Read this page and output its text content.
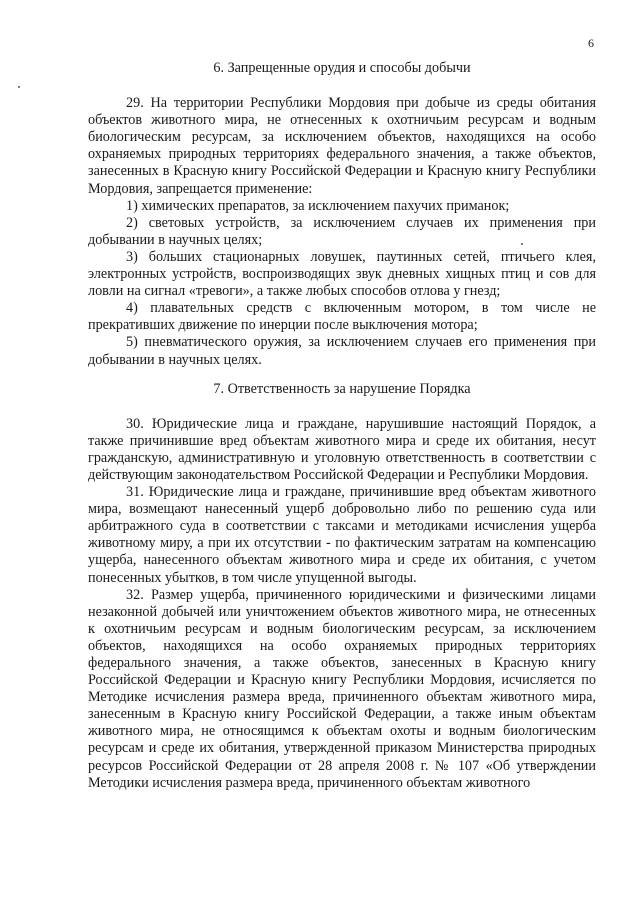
6

6. Запрещенные орудия и способы добычи

29. На территории Республики Мордовия при добыче из среды обитания объектов животного мира, не отнесенных к охотничьим ресурсам и водным биологическим ресурсам, за исключением объектов, находящихся на особо охраняемых природных территориях федерального значения, а также объектов, занесенных в Красную книгу Российской Федерации и Красную книгу Республики Мордовия, запрещается применение:

1) химических препаратов, за исключением пахучих приманок;

2) световых устройств, за исключением случаев их применения при добывании в научных целях;

3) больших стационарных ловушек, паутинных сетей, птичьего клея, электронных устройств, воспроизводящих звук дневных хищных птиц и сов для ловли на сигнал «тревоги», а также любых способов отлова у гнезд;

4) плавательных средств с включенным мотором, в том числе не прекративших движение по инерции после выключения мотора;

5) пневматического оружия, за исключением случаев его применения при добывании в научных целях.

7. Ответственность за нарушение Порядка

30. Юридические лица и граждане, нарушившие настоящий Порядок, а также причинившие вред объектам животного мира и среде их обитания, несут гражданскую, административную и уголовную ответственность в соответствии с действующим законодательством Российской Федерации и Республики Мордовия.

31. Юридические лица и граждане, причинившие вред объектам животного мира, возмещают нанесенный ущерб добровольно либо по решению суда или арбитражного суда в соответствии с таксами и методиками исчисления ущерба животному миру, а при их отсутствии - по фактическим затратам на компенсацию ущерба, нанесенного объектам животного мира и среде их обитания, с учетом понесенных убытков, в том числе упущенной выгоды.

32. Размер ущерба, причиненного юридическими и физическими лицами незаконной добычей или уничтожением объектов животного мира, не отнесенных к охотничьим ресурсам и водным биологическим ресурсам, за исключением объектов, находящихся на особо охраняемых природных территориях федерального значения, а также объектов, занесенных в Красную книгу Российской Федерации и Красную книгу Республики Мордовия, исчисляется по Методике исчисления размера вреда, причиненного объектам животного мира, занесенным в Красную книгу Российской Федерации, а также иным объектам животного мира, не относящимся к объектам охоты и водным биологическим ресурсам и среде их обитания, утвержденной приказом Министерства природных ресурсов Российской Федерации от 28 апреля 2008 г. № 107 «Об утверждении Методики исчисления размера вреда, причиненного объектам животного
